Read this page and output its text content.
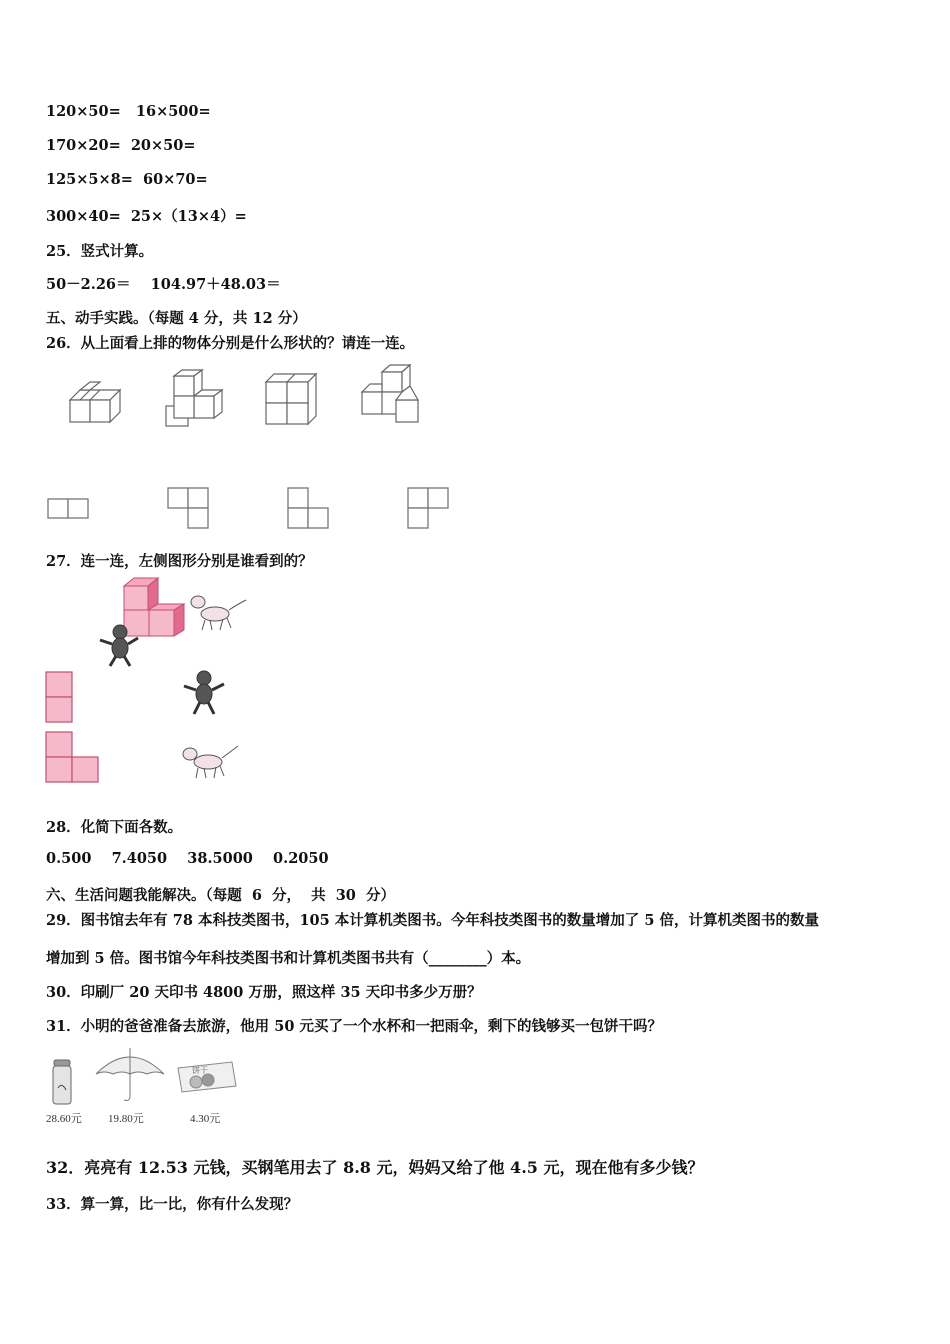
120×50=   16×500=
170×20=  20×50=
125×5×8=  60×70=
300×40=  25×（13×4）=
25．竖式计算。
50－2.26＝    104.97＋48.03＝
五、动手实践。（每题 4 分，共 12 分）
26．从上面看上排的物体分别是什么形状的？请连一连。
27．连一连，左侧图形分别是谁看到的？
28．化简下面各数。
0.500    7.4050    38.5000    0.2050
六、生活问题我能解决。（每题  6  分，  共  30  分）
29．图书馆去年有 78 本科技类图书，105 本计算机类图书。今年科技类图书的数量增加了 5 倍，计算机类图书的数量
增加到 5 倍。图书馆今年科技类图书和计算机类图书共有（________）本。
30．印刷厂 20 天印书 4800 万册，照这样 35 天印书多少万册？
31．小明的爸爸准备去旅游，他用 50 元买了一个水杯和一把雨伞，剩下的钱够买一包饼干吗？
饼干
28.60元 19.80元	4.30元
32．亮亮有 12.53 元钱，买钢笔用去了 8.8 元，妈妈又给了他 4.5 元，现在他有多少钱？
33．算一算，比一比，你有什么发现？
